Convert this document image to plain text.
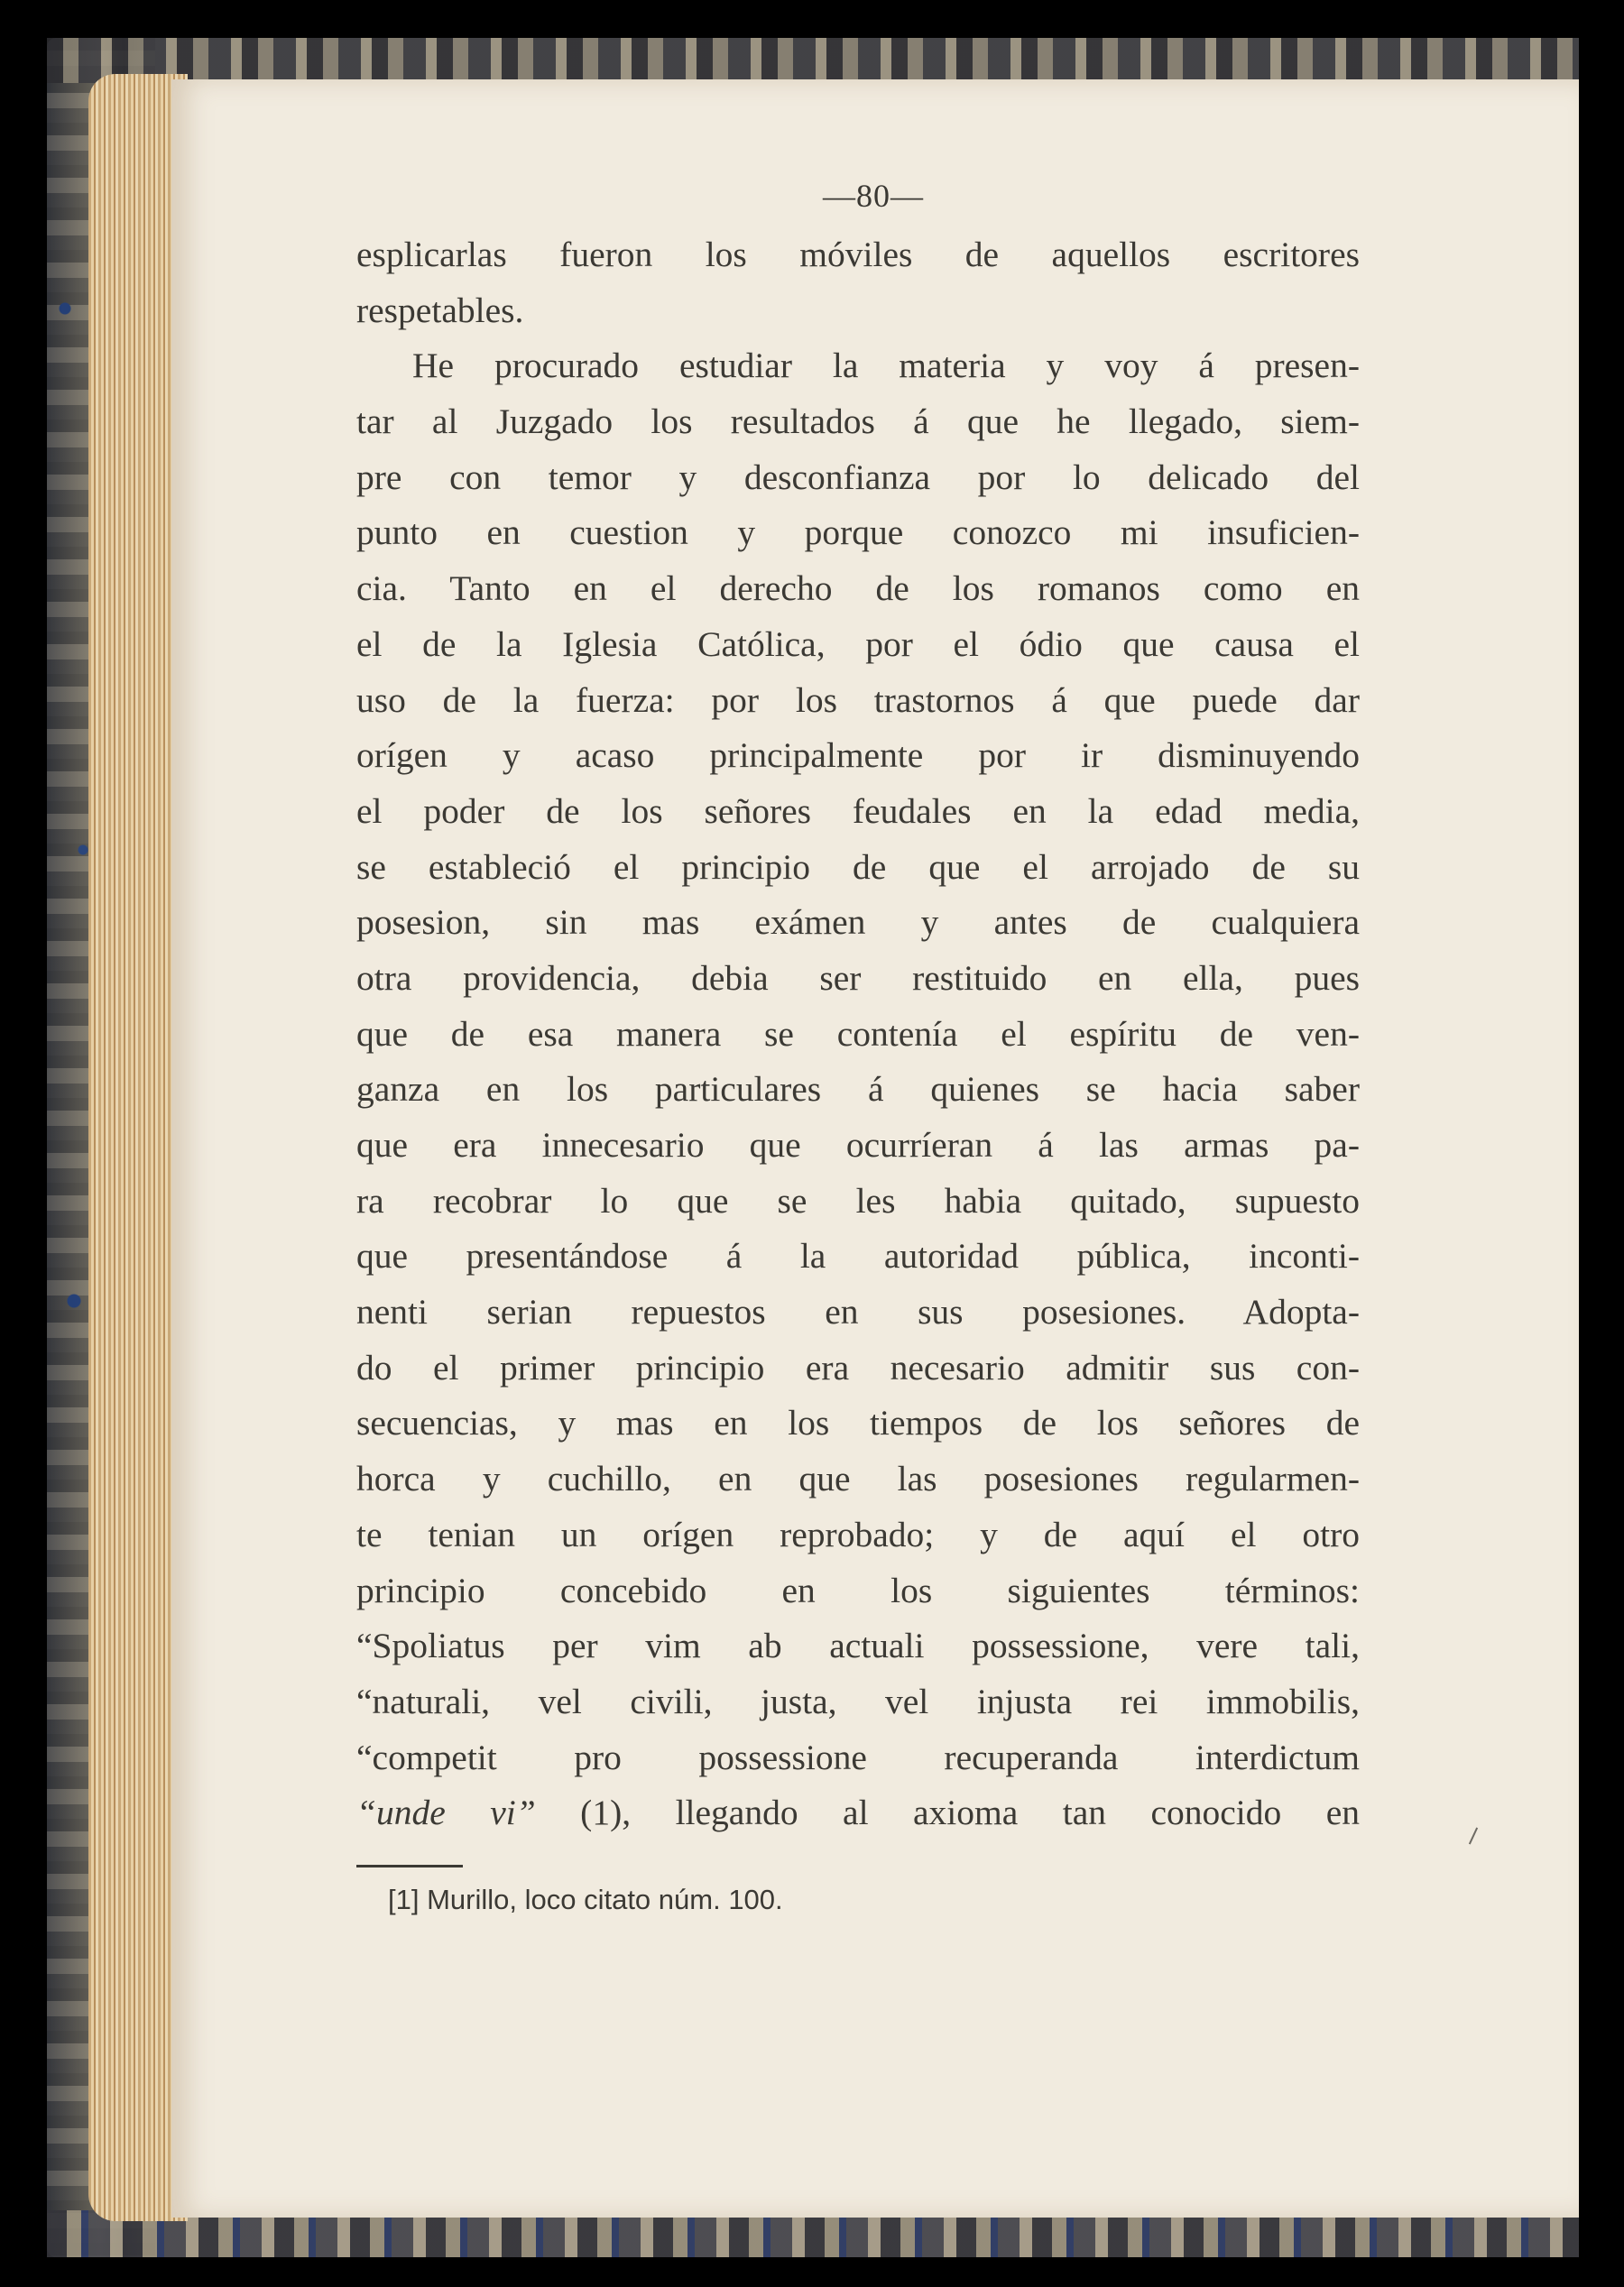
—80—
esplicarlas fueron los móviles de aquellos escritores
respetables.
He procurado estudiar la materia y voy á presen-
tar al Juzgado los resultados á que he llegado, siem-
pre con temor y desconfianza por lo delicado del
punto en cuestion y porque conozco mi insuficien-
cia. Tanto en el derecho de los romanos como en
el de la Iglesia Católica, por el ódio que causa el
uso de la fuerza: por los trastornos á que puede dar
orígen y acaso principalmente por ir disminuyendo
el poder de los señores feudales en la edad media,
se estableció el principio de que el arrojado de su
posesion, sin mas exámen y antes de cualquiera
otra providencia, debia ser restituido en ella, pues
que de esa manera se contenía el espíritu de ven-
ganza en los particulares á quienes se hacia saber
que era innecesario que ocurríeran á las armas pa-
ra recobrar lo que se les habia quitado, supuesto
que presentándose á la autoridad pública, inconti-
nenti serian repuestos en sus posesiones. Adopta-
do el primer principio era necesario admitir sus con-
secuencias, y mas en los tiempos de los señores de
horca y cuchillo, en que las posesiones regularmen-
te tenian un orígen reprobado; y de aquí el otro
principio concebido en los siguientes términos:
“Spoliatus per vim ab actuali possessione, vere tali,
“naturali, vel civili, justa, vel injusta rei immobilis,
“competit pro possessione recuperanda interdictum
“unde vi” (1), llegando al axioma tan conocido en
[1] Murillo, loco citato núm. 100.
